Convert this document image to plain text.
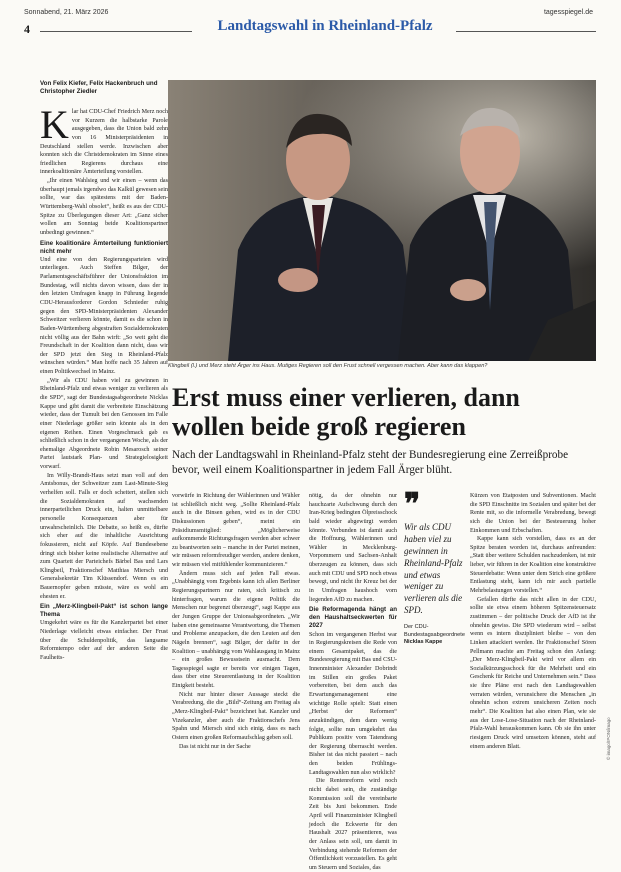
Sonnabend, 21. März 2026	tagesspiegel.de
4	Landtagswahl in Rheinland-Pfalz
Von Felix Kiefer, Felix Hackenbruch und Christopher Ziedler

Klar hat CDU-Chef Friedrich Merz noch vor Kurzem die halbstarke Parole ausgegeben, dass die Union bald zehn von 16 Ministerpräsidenten in Deutschland stellen werde. Inzwischen aber konnten sich die Christdemokraten im Sinne eines friedlichen Regierens durchaus eine innerkoalitionäre Ämterteilung vorstellen.

„Ihr einen Wahlsieg und wir einen – wenn das überhaupt jemals irgendwo das Kalkül gewesen sein sollte, war das spätestens mit der Baden-Württemberg-Wahl obsolet“, heißt es aus der CDU-Spitze zu Überlegungen dieser Art: „Ganz sicher wollen am Sonntag beide Koalitionspartner unbedingt gewinnen.“

Eine koalitionäre Ämterteilung funktioniert nicht mehr

Und eine von den Regierungsparteien wird unterliegen. Auch Steffen Bilger, der Parlamentsgeschäftsführer der Unionsfraktion im Bundestag, will nichts davon wissen, dass der in den letzten Umfragen knapp in Führung liegende CDU-Herausforderer Gordon Schnieder ruhig gegen den SPD-Ministerpräsidenten Alexander Schweitzer verlieren könnte, damit es die schon in Baden-Württemberg abgestraften Sozialdemokraten nicht völlig aus der Bahn wirft: „So weit geht die Freundschaft in der Koalition dann nicht, dass wir der SPD jetzt den Sieg in Rheinland-Pfalz wünschen würden.“ Man hoffe nach 35 Jahren auf einen Politikwechsel in Mainz.

„Wir als CDU haben viel zu gewinnen in Rheinland-Pfalz und etwas weniger zu verlieren als die SPD“, sagt der Bundestagsabgeordnete Nicklas Kappe und gibt damit die verbreitete Einschätzung wieder, dass der Tumult bei den Genossen im Falle einer Niederlage größer sein könnte als in den eigenen Reihen. Einen Vorgeschmack gab es schließlich schon in der vergangenen Woche, als der ehemalige Abgeordnete Robin Mesarosch seiner Partei lautstark Plan- und Strategielosigkeit vorwarf.

Im Willy-Brandt-Haus setzt man voll auf den Amtsbonus, der Schweitzer zum Last-Minute-Sieg verhelfen soll. Falls er doch scheitert, stellen sich die Sozialdemokraten auf wachsenden innerparteilichen Druck ein, halten unmittelbare personelle Konsequenzen aber für unwahrscheinlich. Die Debatte, so heißt es, dürfte sich eher auf die inhaltliche Ausrichtung fokussieren, nicht auf Köpfe. Auf Bundesebene dringt sich bisher keine realistische Alternative auf zum Quartett der Parteichefs Bärbel Bas und Lars Klingbeil, Fraktionschef Matthias Miersch und Generalsekretär Tim Klüssendorf. Wenn es ein Bauernopfer geben müsste, wäre es wohl am ehesten er.

Ein „Merz-Klingbeil-Pakt“ ist schon lange Thema

Umgekehrt wäre es für die Kanzlerpartei bei einer Niederlage vielleicht etwas einfacher. Der Frust über die Schuldenpolitik, das langsame Reformtempo oder auf der anderen Seite die Faulheits-

Klingbeil (l.) und Merz steht Ärger ins Haus. Mutiges Regieren soll den Frust schnell vergessen machen. Aber kann das klappen?
Erst muss einer verlieren, dann wollen beide groß regieren

Nach der Landtagswahl in Rheinland-Pfalz steht der Bundesregierung eine Zerreißprobe bevor, weil einem Koalitionspartner in jedem Fall Ärger blüht.

vorwürfe in Richtung der Wählerinnen und Wähler ist schließlich nicht weg. „Sollte Rheinland-Pfalz auch in die Binsen gehen, wird es in der CDU Diskussionen geben“, meint ein Präsidiumsmitglied: „Möglicherweise aufkommende Richtungsfragen werden aber schwer zu beantworten sein – manche in der Partei meinen, wir müssen reformfreudiger werden, andere denken, wir müssen viel mitfühlender kommunizieren.“

Ändern muss sich auf jeden Fall etwas. „Unabhängig vom Ergebnis kann ich allen Berliner Regierungspartnern nur raten, sich kritisch zu hinterfragen, warum die eigene Politik die Menschen nur begrenzt überzeugt“, sagt Kappe aus der Jungen Gruppe der Unionsabgeordneten. „Wir haben eine gemeinsame Verantwortung, die Themen und Probleme anzupacken, die den Leuten auf den Nägeln brennen“, sagt Bilger, der dafür in der Koalition – unabhängig vom Wahlausgang in Mainz – ein großes Bewusstsein ausmacht. Dem Tagesspiegel sagte er bereits vor einigen Tagen, dass über eine Steuerentlastung in der Koalition Einigkeit besteht.

Nicht nur hinter dieser Aussage steckt die Verabredung, die die „Bild“-Zeitung am Freitag als „Merz-Klingbeil-Pakt“ bezeichnet hat. Kanzler und Vizekanzler, aber auch die Fraktionschefs Jens Spahn und Miersch sind sich einig, dass es nach Ostern einen großen Reformaufschlag geben soll.

Das ist nicht nur in der Sache

nötig, da der ohnehin nur hauchzarte Aufschwung durch den Iran-Krieg bedingten Ölpreisschock bald wieder abgewürgt werden könnte. Verbunden ist damit auch die Hoffnung, Wählerinnen und Wähler in Mecklenburg-Vorpommern und Sachsen-Anhalt überzeugen zu können, dass sich auch mit CDU und SPD noch etwas bewegt, und nicht ihr Kreuz bei der in Umfragen haushoch vorn liegenden AfD zu machen.

Die Reformagenda hängt an den Haushaltseckwerten für 2027

Schon im vergangenen Herbst war in Regierungskreisen die Rede von einem Gesamtpaket, das die Bundesregierung mit Bas und CSU-Innenminister Alexander Dobrindt im Stillen ein großes Paket vorbereiten, bei dem auch das Erwartungsmanagement eine wichtige Rolle spielt: Statt einen „Herbst der Reformen“ anzukündigen, dem dann wenig folgte, sollte nun umgekehrt das Publikum positiv vom Tatendrang der Regierung überrascht werden. Bisher ist das nicht passiert – nach den beiden Frühlings-Landtagswahlen nun also wirklich?

Die Rentenreform wird noch nicht dabei sein, die zuständige Kommission soll die vereinbarte Zeit bis Juni bekommen. Ende April will Finanzminister Klingbeil jedoch die Eckwerte für den Haushalt 2027 präsentieren, was der Anlass sein soll, um damit in Verbindung stehende Reformen der Öffentlichkeit vorzustellen. Es geht um Steuern und Soziales, das

❞
Wir als CDU haben viel zu gewinnen in Rheinland-Pfalz und etwas weniger zu verlieren als die SPD.
Der CDU-Bundestagsabgeordnete Nicklas Kappe

Kürzen von Etatposten und Subventionen. Macht die SPD Einschnitte im Sozialen und später bei der Rente mit, so die informelle Verabredung, bewegt sich die Union bei der Besteuerung hoher Einkommen und Erbschaften.

Kappe kann sich vorstellen, dass es an der Spitze beraten worden ist, durchaus anfreunden: „Statt über weitere Schulden nachzudenken, ist mir lieber, wir führen in der Koalition eine konstruktive Steuerdebatte: Wenn unter dem Strich eine größere Entlastung steht, kann ich mir auch partielle Mehrbelastungen vorstellen.“

Gefallen dürfte das nicht allen in der CDU, sollte sie etwa einem höheren Spitzensteuersatz zustimmen – der politische Druck der AfD ist ihr ohnehin gewiss. Die SPD wiederum wird – selbst wenn es intern diszipliniert bleibe – von den Linken attackiert werden. Ihr Fraktionschef Sören Pellmann machte am Freitag schon den Anfang: „Der Merz-Klingbeil-Pakt wird vor allem ein Sozialkürzungsschock für die Mehrheit und ein Geschenk für Reiche und Unternehmen sein.“ Dass sie ihre Pläne erst nach den Landtagswahlen verraten würden, verunsichere die Menschen „in ohnehin schon extrem unsicheren Zeiten noch mehr“. Die Koalition hat also einen Plan, wie sie aus der Lose-Lose-Situation nach der Rheinland-Pfalz-Wahl herauskommen kann. Ob sie ihn unter riesigem Druck wird umsetzen können, steht auf einem anderen Blatt.	© imago/IPON/imago
